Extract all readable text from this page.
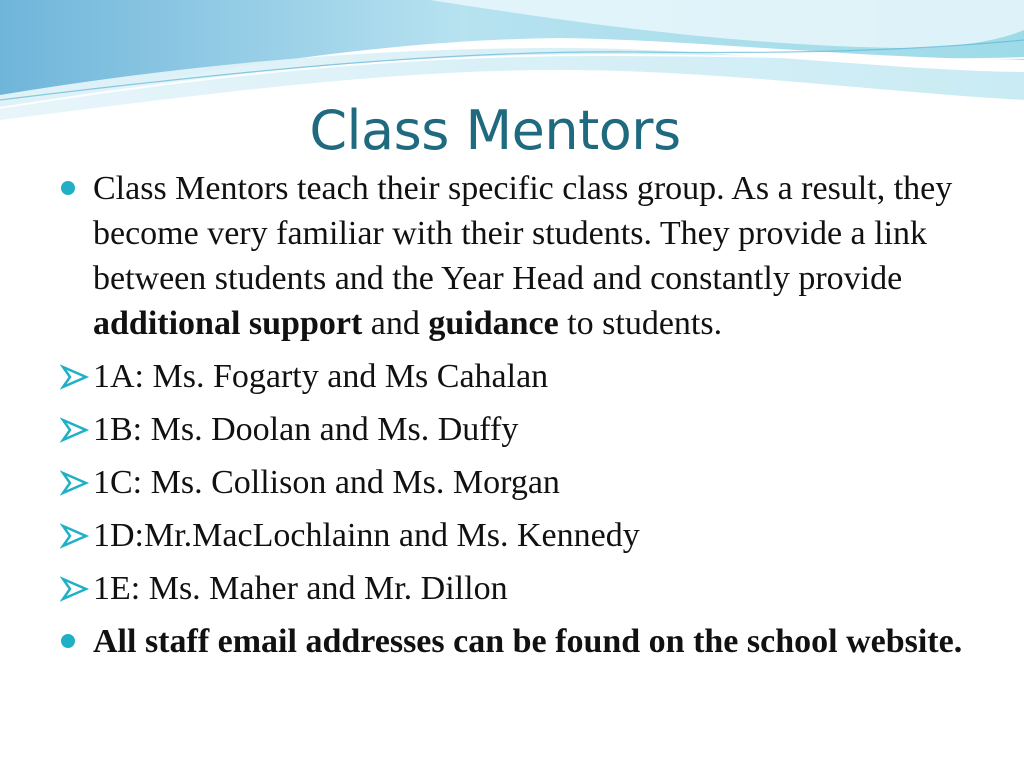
Class Mentors
Class Mentors teach their specific class group. As a result, they become very familiar with their students. They provide a link between students and the Year Head and constantly provide additional support and guidance to students.
1A: Ms. Fogarty and Ms Cahalan
1B: Ms. Doolan and Ms. Duffy
1C: Ms. Collison and Ms. Morgan
1D:Mr.MacLochlainn and Ms. Kennedy
1E: Ms. Maher and Mr. Dillon
All staff email addresses can be found on the school website.
